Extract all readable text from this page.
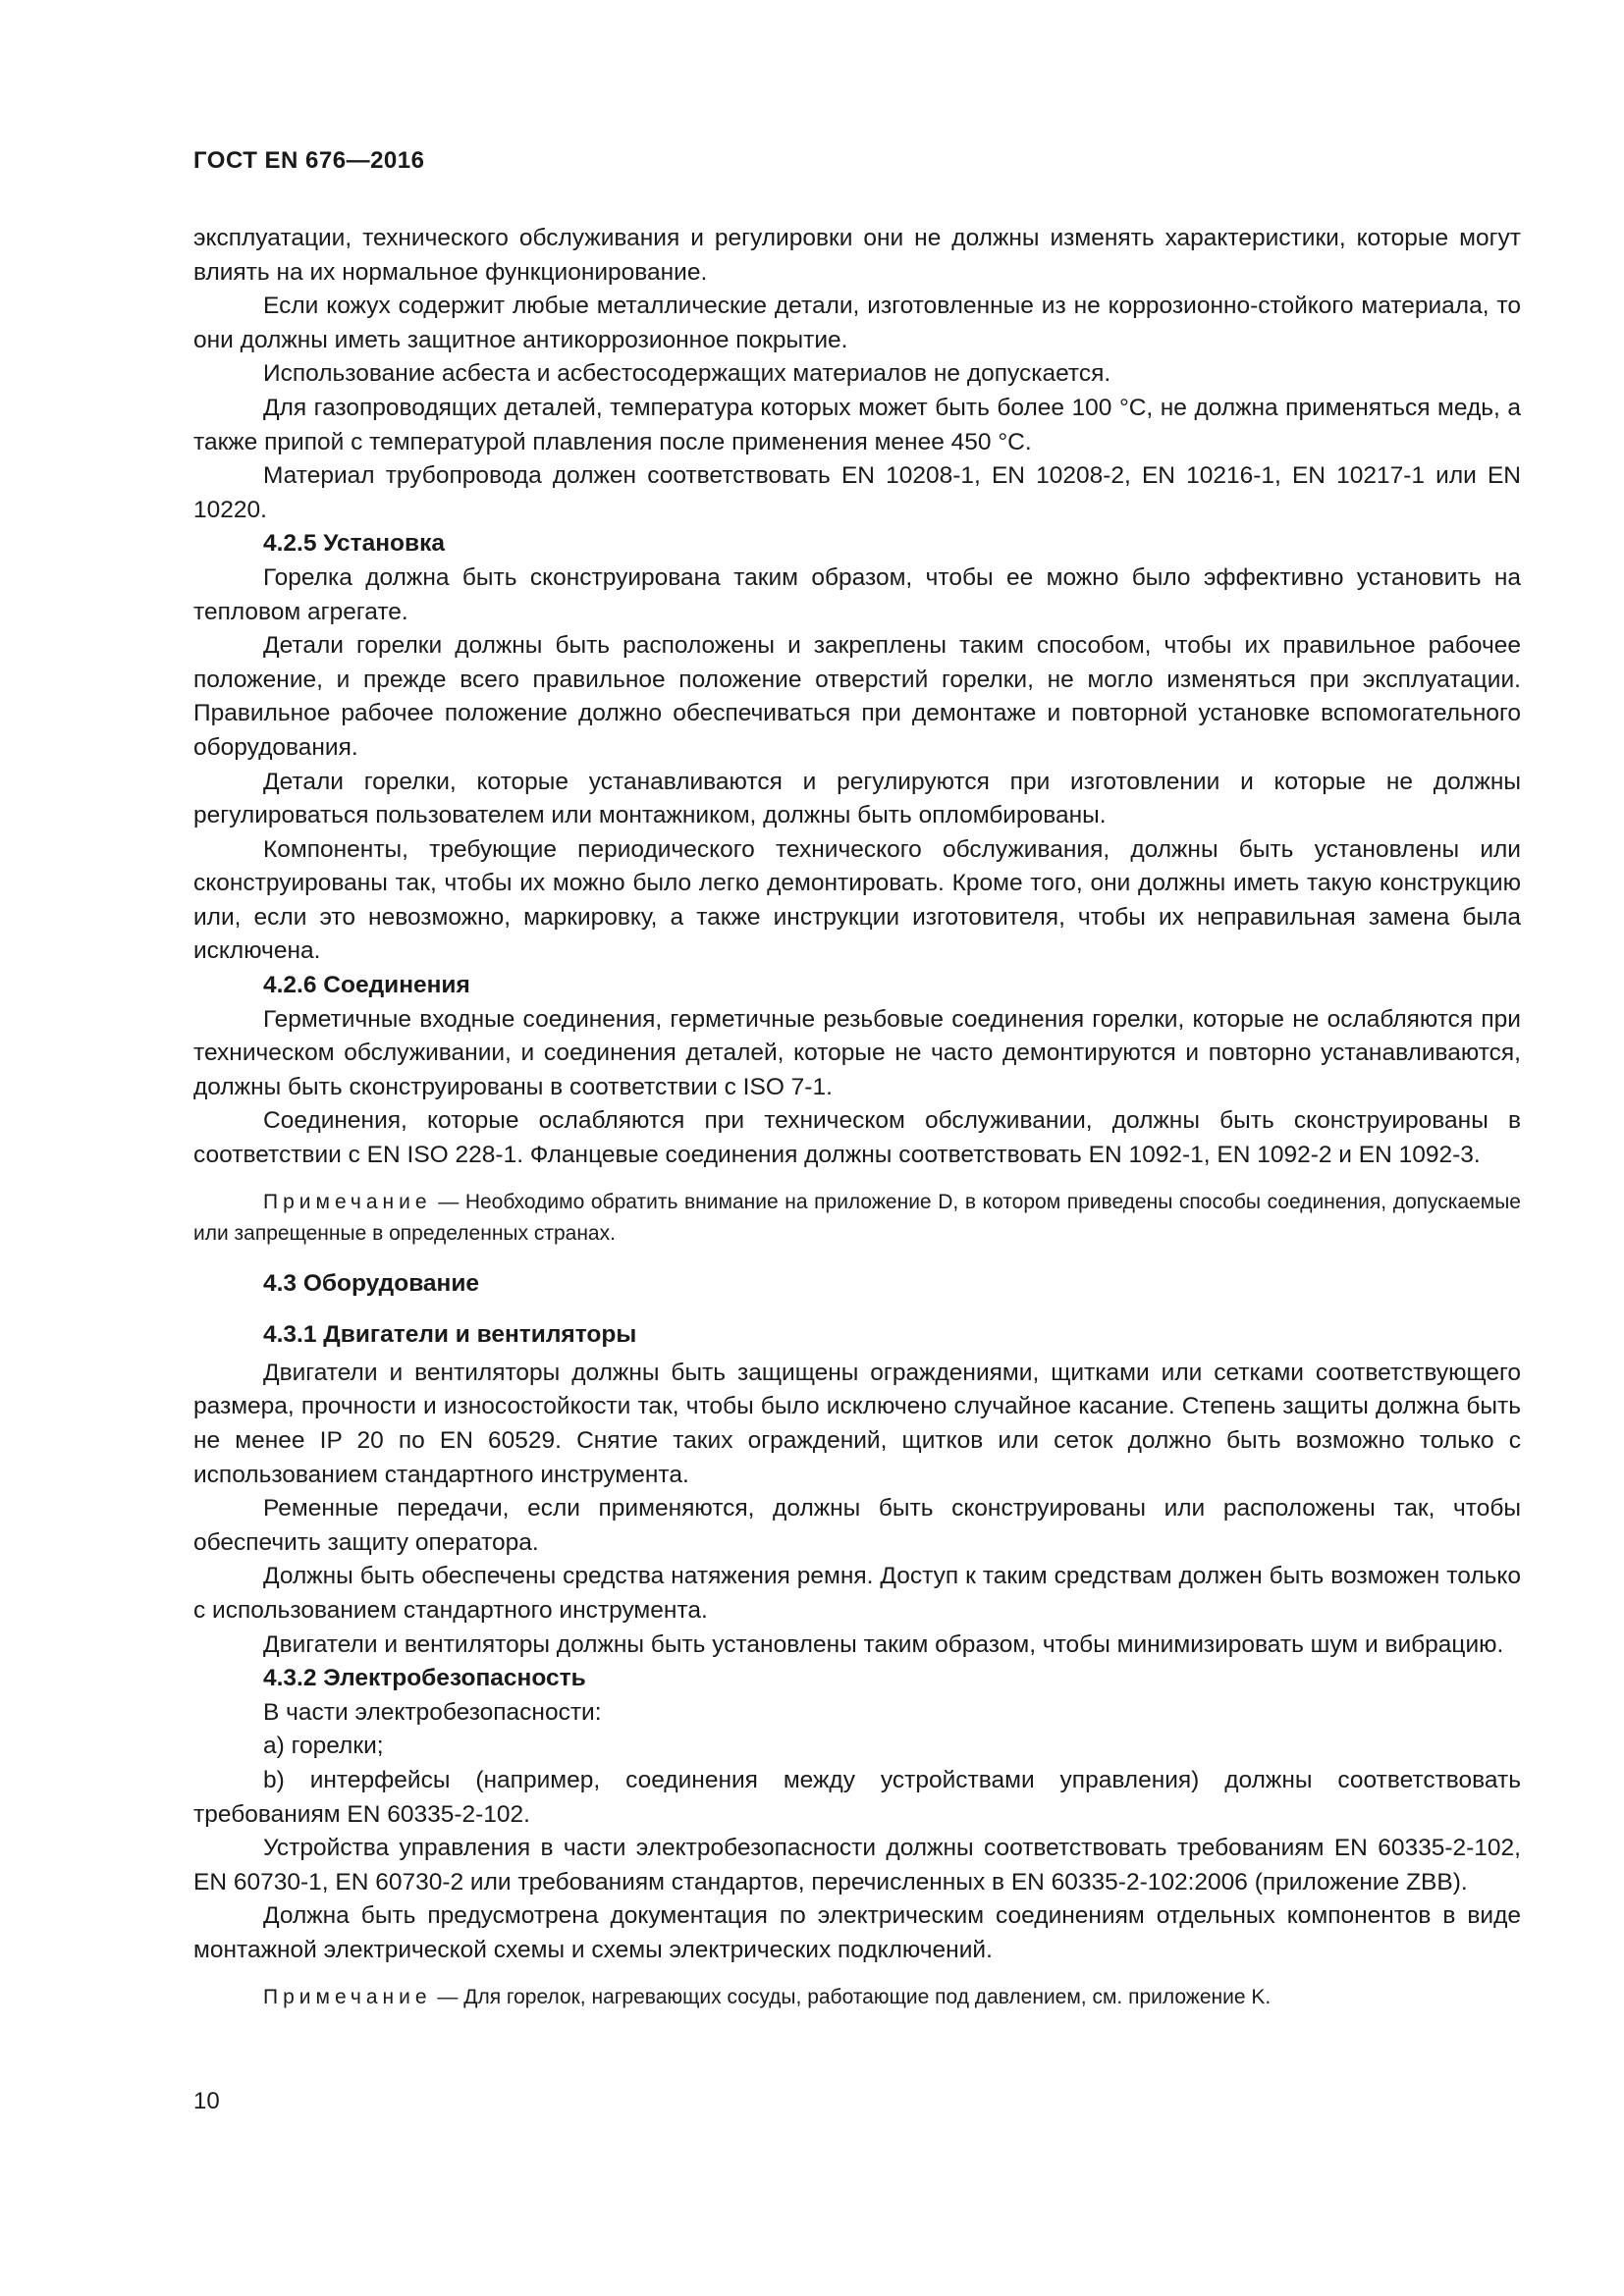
ГОСТ EN 676—2016

эксплуатации, технического обслуживания и регулировки они не должны изменять характеристики, которые могут влиять на их нормальное функционирование.

Если кожух содержит любые металлические детали, изготовленные из не коррозионно-стойкого материала, то они должны иметь защитное антикоррозионное покрытие.

Использование асбеста и асбестосодержащих материалов не допускается.

Для газопроводящих деталей, температура которых может быть более 100 °С, не должна применяться медь, а также припой с температурой плавления после применения менее 450 °С.

Материал трубопровода должен соответствовать EN 10208-1, EN 10208-2, EN 10216-1, EN 10217-1 или EN 10220.

4.2.5 Установка

Горелка должна быть сконструирована таким образом, чтобы ее можно было эффективно установить на тепловом агрегате.

Детали горелки должны быть расположены и закреплены таким способом, чтобы их правильное рабочее положение, и прежде всего правильное положение отверстий горелки, не могло изменяться при эксплуатации. Правильное рабочее положение должно обеспечиваться при демонтаже и повторной установке вспомогательного оборудования.

Детали горелки, которые устанавливаются и регулируются при изготовлении и которые не должны регулироваться пользователем или монтажником, должны быть опломбированы.

Компоненты, требующие периодического технического обслуживания, должны быть установлены или сконструированы так, чтобы их можно было легко демонтировать. Кроме того, они должны иметь такую конструкцию или, если это невозможно, маркировку, а также инструкции изготовителя, чтобы их неправильная замена была исключена.

4.2.6 Соединения

Герметичные входные соединения, герметичные резьбовые соединения горелки, которые не ослабляются при техническом обслуживании, и соединения деталей, которые не часто демонтируются и повторно устанавливаются, должны быть сконструированы в соответствии с ISO 7-1.

Соединения, которые ослабляются при техническом обслуживании, должны быть сконструированы в соответствии с EN ISO 228-1. Фланцевые соединения должны соответствовать EN 1092-1, EN 1092-2 и EN 1092-3.

Примечание — Необходимо обратить внимание на приложение D, в котором приведены способы соединения, допускаемые или запрещенные в определенных странах.

4.3 Оборудование
4.3.1 Двигатели и вентиляторы

Двигатели и вентиляторы должны быть защищены ограждениями, щитками или сетками соответствующего размера, прочности и износостойкости так, чтобы было исключено случайное касание. Степень защиты должна быть не менее IP 20 по EN 60529. Снятие таких ограждений, щитков или сеток должно быть возможно только с использованием стандартного инструмента.

Ременные передачи, если применяются, должны быть сконструированы или расположены так, чтобы обеспечить защиту оператора.

Должны быть обеспечены средства натяжения ремня. Доступ к таким средствам должен быть возможен только с использованием стандартного инструмента.

Двигатели и вентиляторы должны быть установлены таким образом, чтобы минимизировать шум и вибрацию.

4.3.2 Электробезопасность

В части электробезопасности:

a) горелки;

b) интерфейсы (например, соединения между устройствами управления) должны соответствовать требованиям EN 60335-2-102.

Устройства управления в части электробезопасности должны соответствовать требованиям EN 60335-2-102, EN 60730-1, EN 60730-2 или требованиям стандартов, перечисленных в EN 60335-2-102:2006 (приложение ZBB).

Должна быть предусмотрена документация по электрическим соединениям отдельных компонентов в виде монтажной электрической схемы и схемы электрических подключений.

Примечание — Для горелок, нагревающих сосуды, работающие под давлением, см. приложение K.

10
